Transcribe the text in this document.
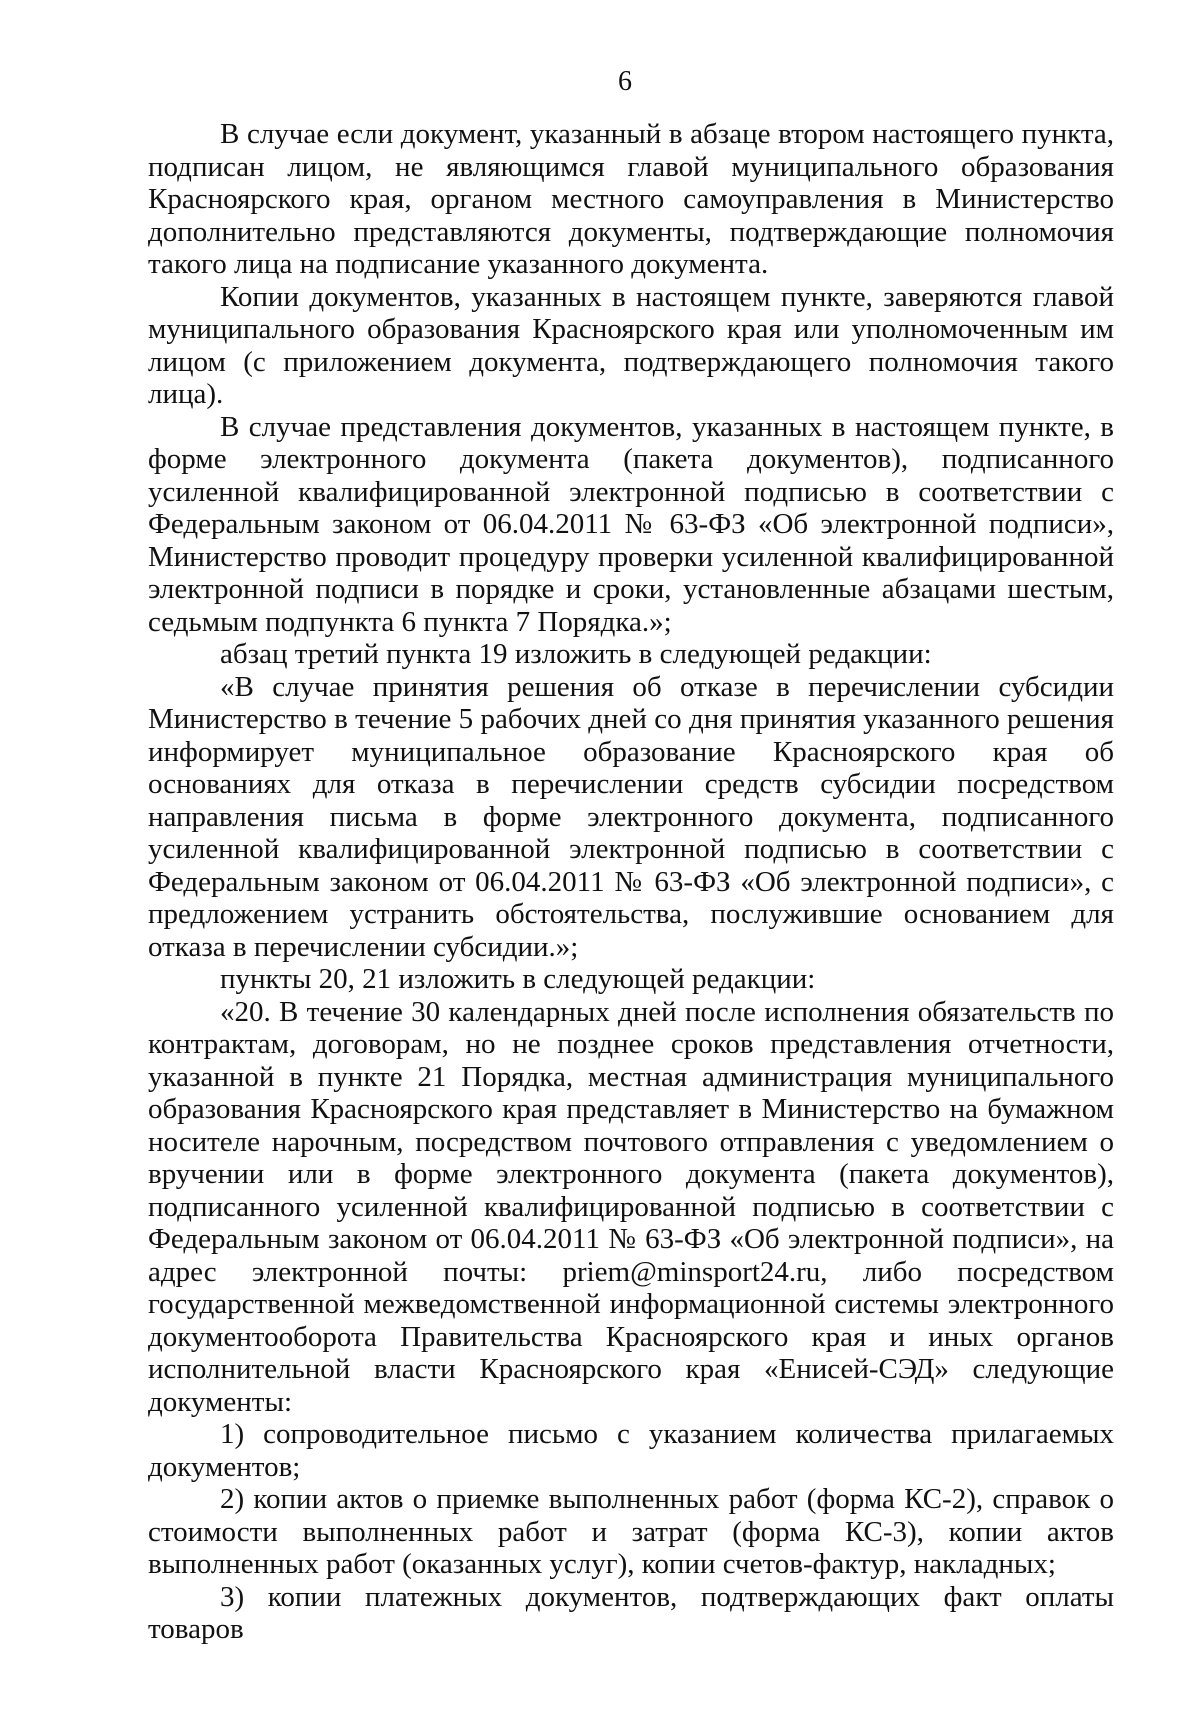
6

В случае если документ, указанный в абзаце втором настоящего пункта, подписан лицом, не являющимся главой муниципального образования Красноярского края, органом местного самоуправления в Министерство дополнительно представляются документы, подтверждающие полномочия такого лица на подписание указанного документа.

Копии документов, указанных в настоящем пункте, заверяются главой муниципального образования Красноярского края или уполномоченным им лицом (с приложением документа, подтверждающего полномочия такого лица).

В случае представления документов, указанных в настоящем пункте, в форме электронного документа (пакета документов), подписанного усиленной квалифицированной электронной подписью в соответствии с Федеральным законом от 06.04.2011 № 63-ФЗ «Об электронной подписи», Министерство проводит процедуру проверки усиленной квалифицированной электронной подписи в порядке и сроки, установленные абзацами шестым, седьмым подпункта 6 пункта 7 Порядка.»;

абзац третий пункта 19 изложить в следующей редакции:

«В случае принятия решения об отказе в перечислении субсидии Министерство в течение 5 рабочих дней со дня принятия указанного решения информирует муниципальное образование Красноярского края об основаниях для отказа в перечислении средств субсидии посредством направления письма в форме электронного документа, подписанного усиленной квалифицированной электронной подписью в соответствии с Федеральным законом от 06.04.2011 № 63-ФЗ «Об электронной подписи», с предложением устранить обстоятельства, послужившие основанием для отказа в перечислении субсидии.»;

пункты 20, 21 изложить в следующей редакции:

«20. В течение 30 календарных дней после исполнения обязательств по контрактам, договорам, но не позднее сроков представления отчетности, указанной в пункте 21 Порядка, местная администрация муниципального образования Красноярского края представляет в Министерство на бумажном носителе нарочным, посредством почтового отправления с уведомлением о вручении или в форме электронного документа (пакета документов), подписанного усиленной квалифицированной подписью в соответствии с Федеральным законом от 06.04.2011 № 63-ФЗ «Об электронной подписи», на адрес электронной почты: priem@minsport24.ru, либо посредством государственной межведомственной информационной системы электронного документооборота Правительства Красноярского края и иных органов исполнительной власти Красноярского края «Енисей-СЭД» следующие документы:

1) сопроводительное письмо с указанием количества прилагаемых документов;

2) копии актов о приемке выполненных работ (форма КС-2), справок о стоимости выполненных работ и затрат (форма КС-3), копии актов выполненных работ (оказанных услуг), копии счетов-фактур, накладных;

3) копии платежных документов, подтверждающих факт оплаты товаров
